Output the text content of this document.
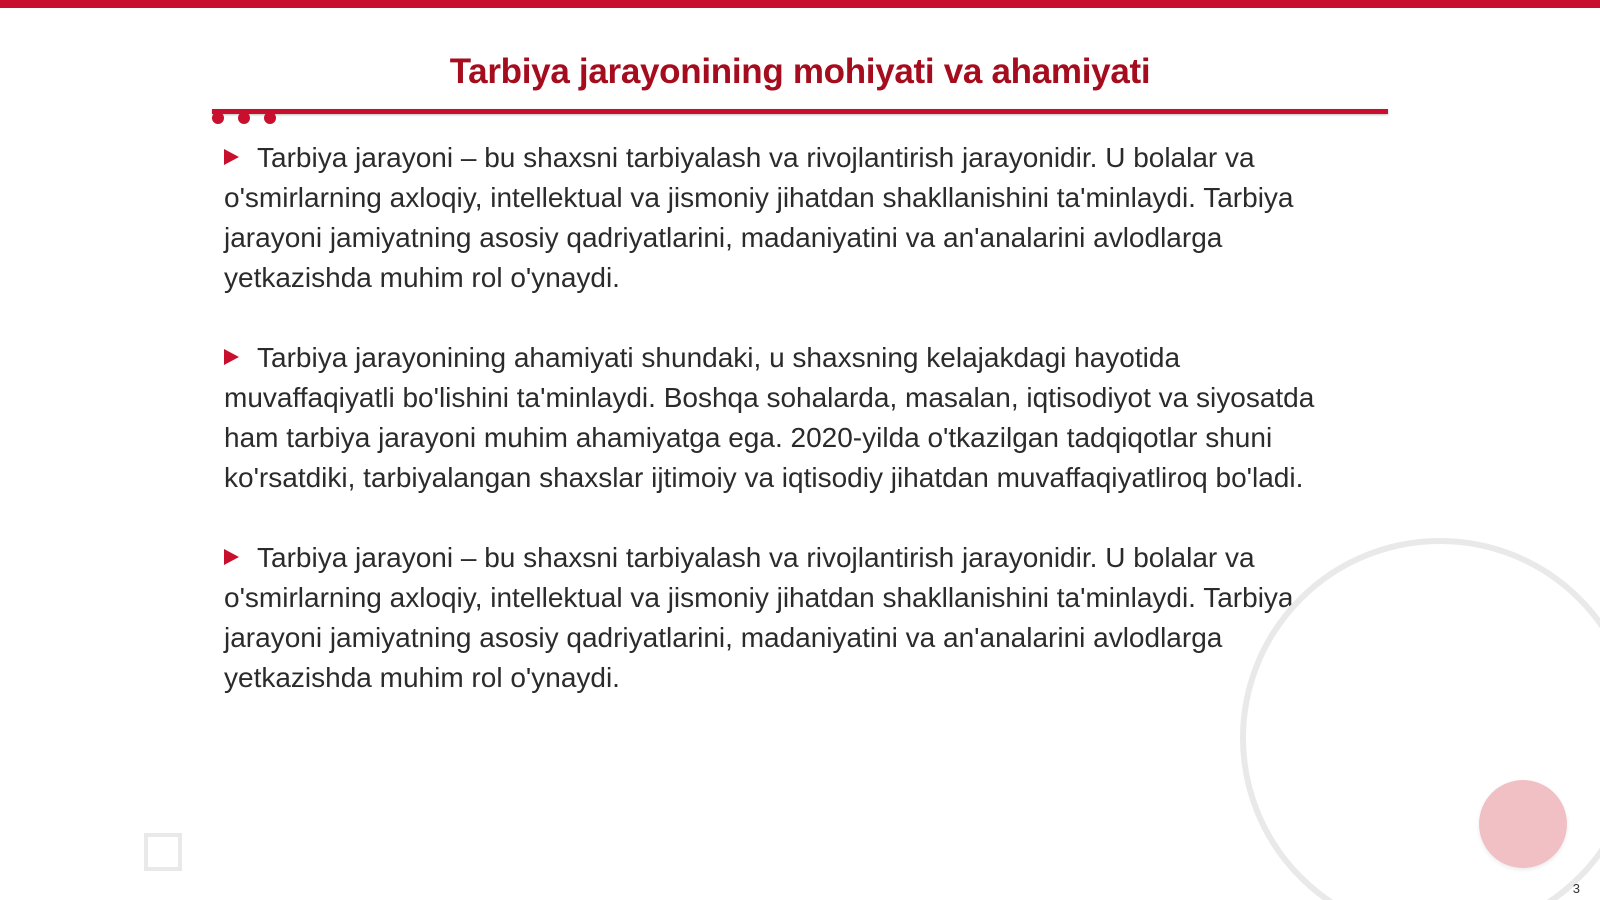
Tarbiya jarayonining mohiyati va ahamiyati

Tarbiya jarayoni – bu shaxsni tarbiyalash va rivojlantirish jarayonidir. U bolalar va o'smirlarning axloqiy, intellektual va jismoniy jihatdan shakllanishini ta'minlaydi. Tarbiya jarayoni jamiyatning asosiy qadriyatlarini, madaniyatini va an'analarini avlodlarga yetkazishda muhim rol o'ynaydi.

Tarbiya jarayonining ahamiyati shundaki, u shaxsning kelajakdagi hayotida muvaffaqiyatli bo'lishini ta'minlaydi. Boshqa sohalarda, masalan, iqtisodiyot va siyosatda ham tarbiya jarayoni muhim ahamiyatga ega. 2020-yilda o'tkazilgan tadqiqotlar shuni ko'rsatdiki, tarbiyalangan shaxslar ijtimoiy va iqtisodiy jihatdan muvaffaqiyatliroq bo'ladi.

Tarbiya jarayoni – bu shaxsni tarbiyalash va rivojlantirish jarayonidir. U bolalar va o'smirlarning axloqiy, intellektual va jismoniy jihatdan shakllanishini ta'minlaydi. Tarbiya jarayoni jamiyatning asosiy qadriyatlarini, madaniyatini va an'analarini avlodlarga yetkazishda muhim rol o'ynaydi.

3
